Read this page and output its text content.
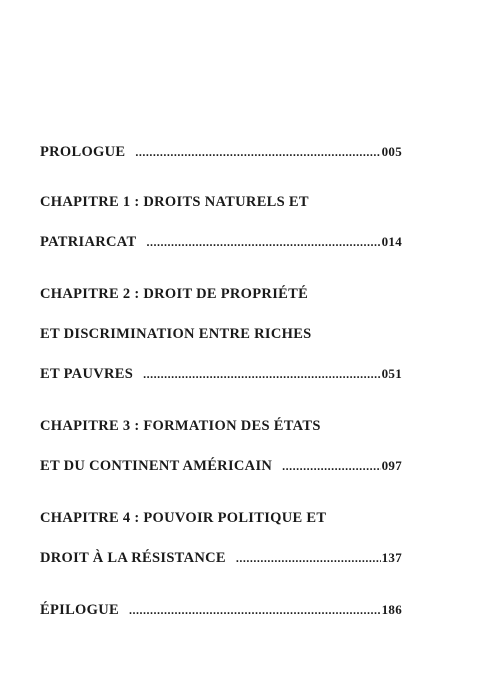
PROLOGUE .....	005
CHAPITRE 1 : DROITS NATURELS ET
PATRIARCAT .....	014
CHAPITRE 2 : DROIT DE PROPRIÉTÉ
ET DISCRIMINATION ENTRE RICHES
ET PAUVRES .....	051
CHAPITRE 3 : FORMATION DES ÉTATS
ET DU CONTINENT AMÉRICAIN .....	097
CHAPITRE 4 : POUVOIR POLITIQUE ET
DROIT À LA RÉSISTANCE .....	137
ÉPILOGUE .....	186
